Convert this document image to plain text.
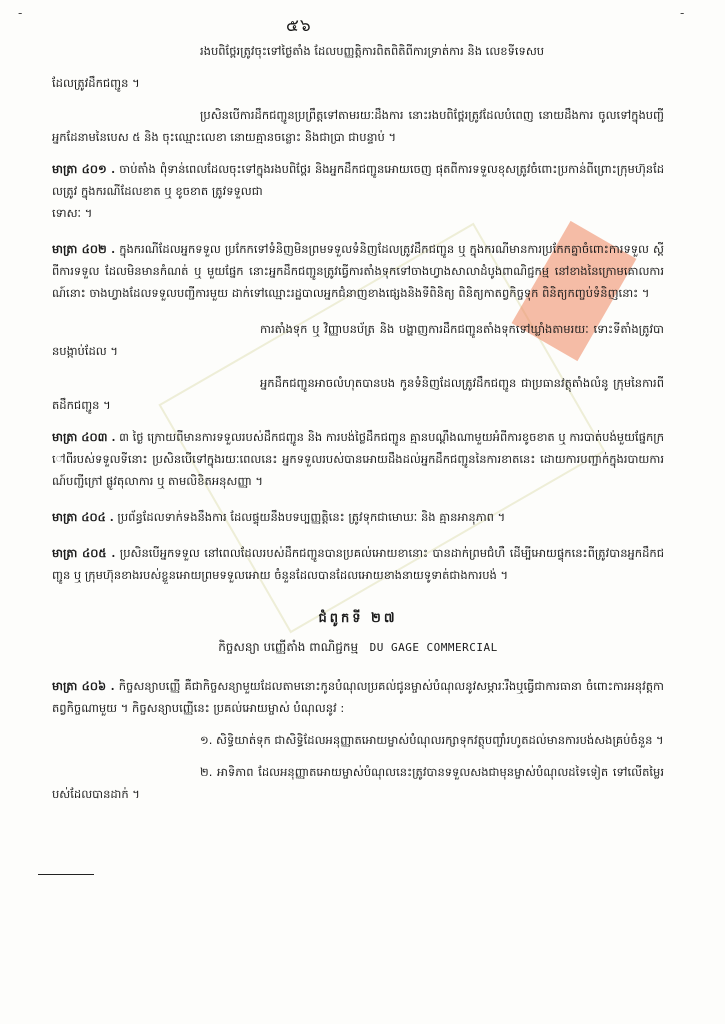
-	-
๕๖

រងបពិថ្ពែរត្រូវចុះទៅថ្ងៃតាំង ដែលបញ្ញត្តិការពិតពិតិពីការទ្រាត់ការ និង លេខទីទេសប

ដែលត្រូវដឹកជញ្ជូន ។

ប្រសិនបើការដឹកជញ្ជូនប្រព្រឹត្តទៅតាមរយៈដឹងការ នោះរងបពិថ្ពែរត្រូវដែលបំពេញ នោយដឹងការ ចូលទៅក្នុងបញ្ជីអ្នកដែនាមនៃបេស ៥ និង ចុះឈ្មោះលេខា នោយគ្មានចន្លោះ និងជាប្រា ជាបន្ទាប់ ។

មាត្រា ៤០១ . ចាប់តាំង ពុំទាន់ពេលដែលចុះទៅក្នុងរងបពិថ្ពែរ និងអ្នកដឹកជញ្ជូនអោយចេញ ផុតពីការទទួលខុសត្រូវចំពោះប្រកាន់ពីព្រោះក្រុមហ៊ុនដែលត្រូវ ក្នុងករណីដែលខាត ឬ ខូចខាត ត្រូវទទួលជា

ទោសៈ ។

មាត្រា ៤០២ . ក្នុងករណីដែលអ្នកទទួល ប្រកែកទៅទំនិញមិនព្រមទទួលទំនិញដែលត្រូវដឹកជញ្ជូន ឬ ក្នុងករណីមានការប្រកែកគ្នាចំពោះការទទួល ស្តីពីការទទួល ដែលមិនមានកំណត់ ឬ មួយផ្នែក នោះអ្នកដឹកជញ្ជូនត្រូវធ្វើការតាំងទុកទៅចាងហ្វាងសាលាដំបូងពាណិជ្ជកម្ម នៅខាងនៃក្រោមគោលការណ៍នោះ ចាងហ្វាងដែលទទួលបញ្ជីការមួយ ដាក់ទៅឈ្មោះរដ្ឋបាលអ្នកជំនាញខាងផ្សេងនិងទីពិនិត្យ ពិនិត្យកាតព្វកិច្ចទុក ពិនិត្យកញ្ចប់ទំនិញនោះ ។

ការតាំងទុក ឬ វិញ្ញាបនប័ត្រ និង បង្ហាញការដឹកជញ្ជូនតាំងទុកទៅឃ្លាំងតាមរយៈ ទោះទីតាំងត្រូវបានបង្កាប់ដែល ។

អ្នកដឹកជញ្ជូនអាចលំហុតបានបង កូនទំនិញដែលត្រូវដឹកជញ្ជូន ជាប្រធានវត្ថុតាំងលំនូ ក្រុមនៃការពីតដឹកជញ្ជូន ។

មាត្រា ៤០៣ . ៣ ថ្ងៃ ក្រោយពីមានការទទួលរបស់ដឹកជញ្ជូន និង ការបង់ថ្លៃដឹកជញ្ជូន គ្មានបណ្តឹងណាមួយអំពីការខូចខាត ឬ ការបាត់បង់មួយផ្នែកក្រៅពីរបស់ទទួលទីនោះ ប្រសិនបើទៅក្នុងរយៈពេលនេះ អ្នកទទួលរបស់បានអោយដឹងដល់អ្នកដឹកជញ្ជូននៃការខាតនេះ ដោយការបញ្ជាក់ក្នុងរបាយការណ៍បញ្ជីក្រៅ ផ្លូវតុលាការ ឬ តាមលិខិតអនុសញ្ញា ។

មាត្រា ៤០៤ . ប្រព័ន្ធដែលទាក់ទងនឹងការ ដែលផ្ទុយនឹងបទប្បញ្ញត្តិនេះ ត្រូវទុកជាមោឃៈ និង គ្មានអានុភាព ។

មាត្រា ៤០៥ . ប្រសិនបើអ្នកទទួល នៅពេលដែលរបស់ដឹកជញ្ជូនបានប្រគល់អោយខានោះ បានដាក់ព្រមជំហឺ ដើម្បីអោយផ្ទុកនេះពីត្រូវបានអ្នកដឹកជញ្ជូន ឬ ក្រុមហ៊ុនខាងរបស់ខ្លួនអោយព្រមទទួលអោយ ចំនួនដែលបានដែលអោយខាងនាយទូទាត់ជាងការបង់ ។

ជំពូកទី ២៧
កិច្ចសន្យា បញ្ញើតាំង ពាណិជ្ជកម្ម DU GAGE COMMERCIAL

មាត្រា ៤០៦ . កិច្ចសន្យាបញ្ញើ គឺជាកិច្ចសន្យាមួយដែលតាមនោះកូនបំណុលប្រគល់ជូនម្ចាស់បំណុលនូវសម្ភារៈរឹងឬធ្វើជាការធានា ចំពោះការអនុវត្តកាតព្វកិច្ចណាមួយ ។ កិច្ចសន្យាបញ្ញើនេះ ប្រគល់អោយម្ចាស់ បំណុលនូវ :

១. សិទ្ធិយាត់ទុក ជាសិទ្ធិដែលអនុញ្ញាតអោយម្ចាស់បំណុលរក្សាទុកវត្ថុបញ្ចាំរហូតដល់មានការបង់សងគ្រប់ចំនួន ។

២. អាទិភាព ដែលអនុញ្ញាតអោយម្ចាស់បំណុលនេះត្រូវបានទទួលសងជាមុនម្ចាស់បំណុលដទៃទៀត ទៅលើតម្លៃរបស់ដែលបានដាក់ ។
